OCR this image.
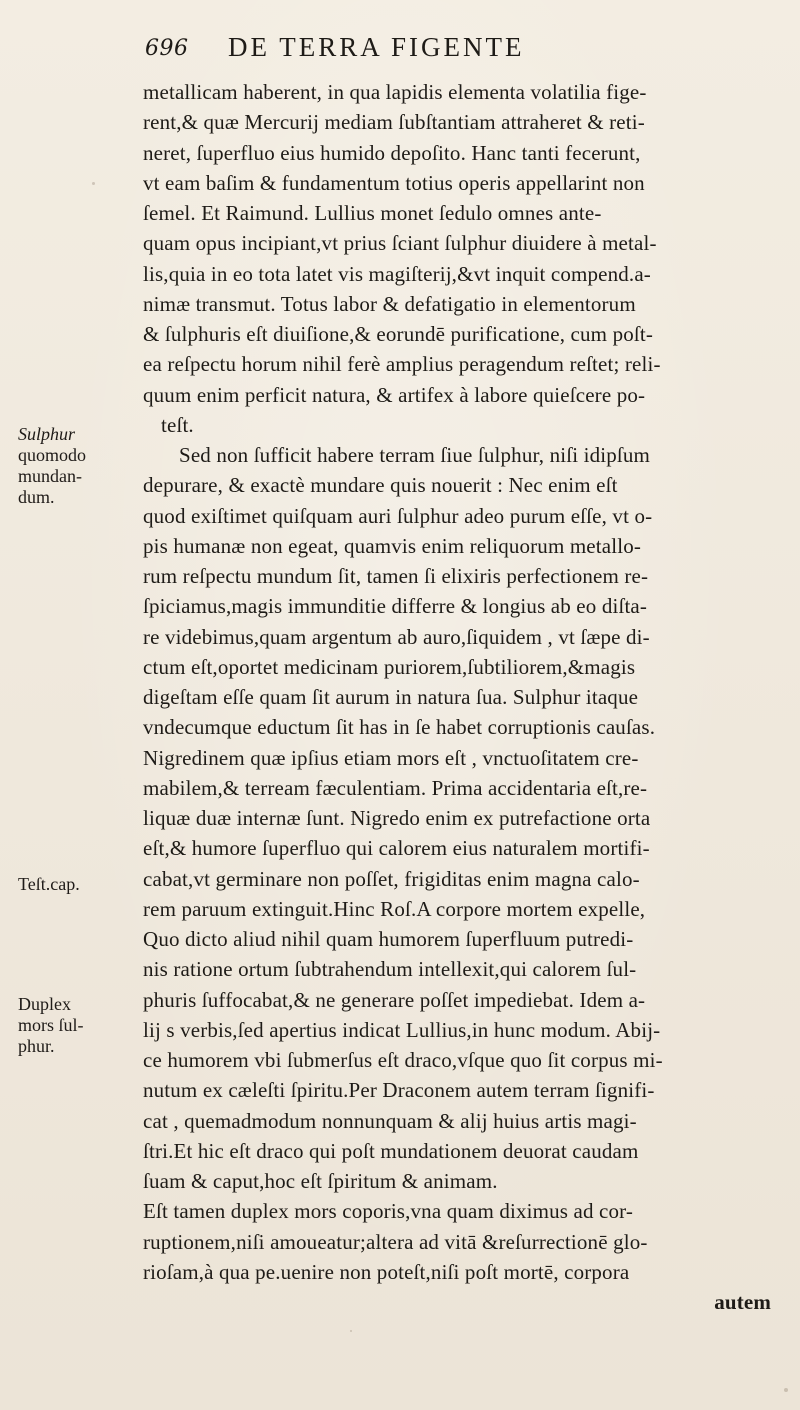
696 DE TERRA FIGENTE
metallicam haberent, in qua lapidis elementa volatilia figе-
rent,& quæ Mercurij mediam ſubſtantiam attraheret & reti-
neret, ſuperfluo eius humido depoſito. Hanc tanti fecerunt,
vt eam baſim & fundamentum totius operis appellarint non
ſemel. Et Raimund. Lullius monet ſedulo omnes ante-
quam opus incipiant,vt prius ſciant ſulphur diuidere à metal-
lis,quia in eo tota latet vis magiſterij,&vt inquit compend.a-
nimæ transmut. Totus labor & defatigatio in elementorum
& ſulphuris eſt diuiſione,& eorundē purificatione, cum poſt-
ea reſpectu horum nihil ferè amplius peragendum reſtet; reli-
quum enim perficit natura, & artifex à labore quieſcere po-
teſt.
Sed non ſufficit habere terram ſiue ſulphur, niſi idipſum
depurare, & exactè mundare quis nouerit : Nec enim eſt
quod exiſtimet quiſquam auri ſulphur adeo purum eſſe, vt o-
pis humanæ non egeat, quamvis enim reliquorum metallo-
rum reſpectu mundum ſit, tamen ſi elixiris perfectionem re-
ſpiciamus,magis immunditie differre & longius ab eo diſta-
re videbimus,quam argentum ab auro,ſiquidem , vt ſæpe di-
ctum eſt,oportet medicinam puriorem,ſubtiliorem,&magis
digeſtam eſſe quam ſit aurum in natura ſua. Sulphur itaque
vndecumque eductum ſit has in ſe habet corruptionis cauſas.
Nigredinem quæ ipſius etiam mors eſt , vnctuoſitatem cre-
mabilem,& terream fæculentiam. Prima accidentaria eſt,re-
liquæ duæ internæ ſunt. Nigredo enim ex putrefactione orta
eſt,& humore ſuperfluo qui calorem eius naturalem mortifi-
cabat,vt germinare non poſſet, frigiditas enim magna calo-
rem paruum extinguit.Hinc Roſ.A corpore mortem expelle,
Quo dicto aliud nihil quam humorem ſuperfluum putredi-
nis ratione ortum ſubtrahendum intellexit,qui calorem ſul-
phuris ſuffocabat,& ne generare poſſet impediebat. Idem a-
lij s verbis,ſed apertius indicat Lullius,in hunc modum. Abij-
ce humorem vbi ſubmerſus eſt draco,vſque quo ſit corpus mi-
nutum ex cæleſti ſpiritu.Per Draconem autem terram ſignifi-
cat , quemadmodum nonnunquam & alij huius artis magi-
ſtri.Et hic eſt draco qui poſt mundationem deuorat caudam
ſuam & caput,hoc eſt ſpiritum & animam.
Eſt tamen duplex mors coporis,vna quam diximus ad cor-
ruptionem,niſi amoueatur;altera ad vitā &reſurrectionē glo-
rioſam,à qua pe.uenire non poteſt,niſi poſt mortē, corpora
autem
Sulphur
quomodo
mundan-
dum.
Teſt.cap.
Duplex
mors ſul-
phur.
